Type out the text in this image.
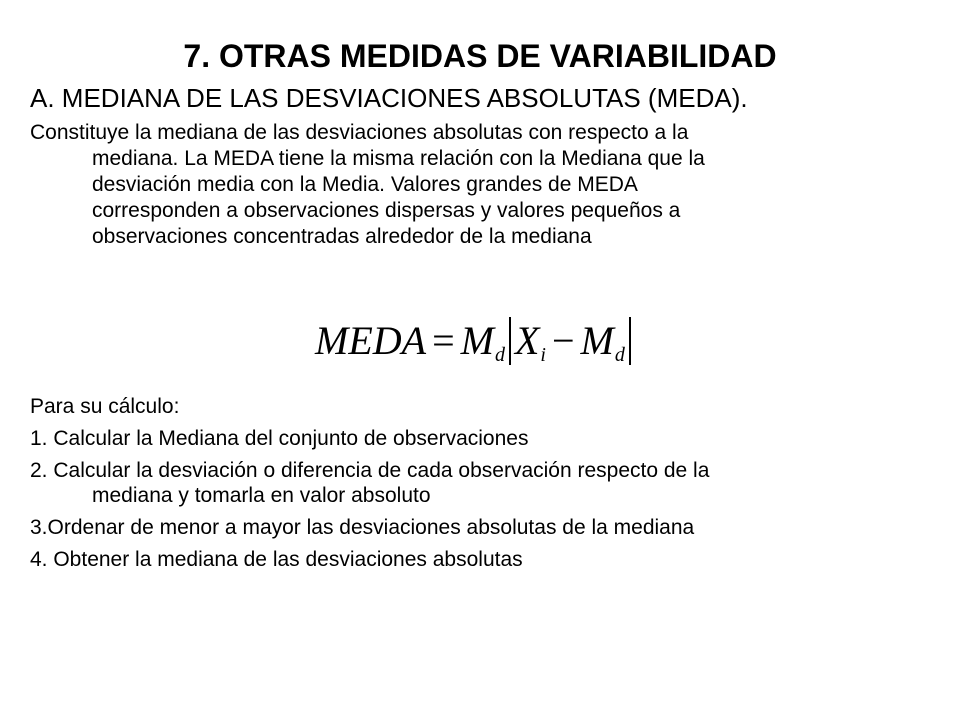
7. OTRAS MEDIDAS DE VARIABILIDAD
A. MEDIANA DE LAS DESVIACIONES ABSOLUTAS (MEDA).
Constituye la mediana de las desviaciones absolutas con respecto a la
mediana. La MEDA tiene la misma relación con la Mediana que la
desviación media con la Media. Valores grandes de MEDA
corresponden a observaciones dispersas y valores pequeños a
observaciones concentradas alrededor de la mediana
MEDA = M d X i − M d
Para su cálculo:
1. Calcular la Mediana del conjunto de observaciones
2. Calcular la desviación o diferencia de cada observación respecto de la
mediana y tomarla en valor absoluto
3.Ordenar de menor a mayor las desviaciones absolutas de la mediana
4. Obtener la mediana de las desviaciones absolutas
